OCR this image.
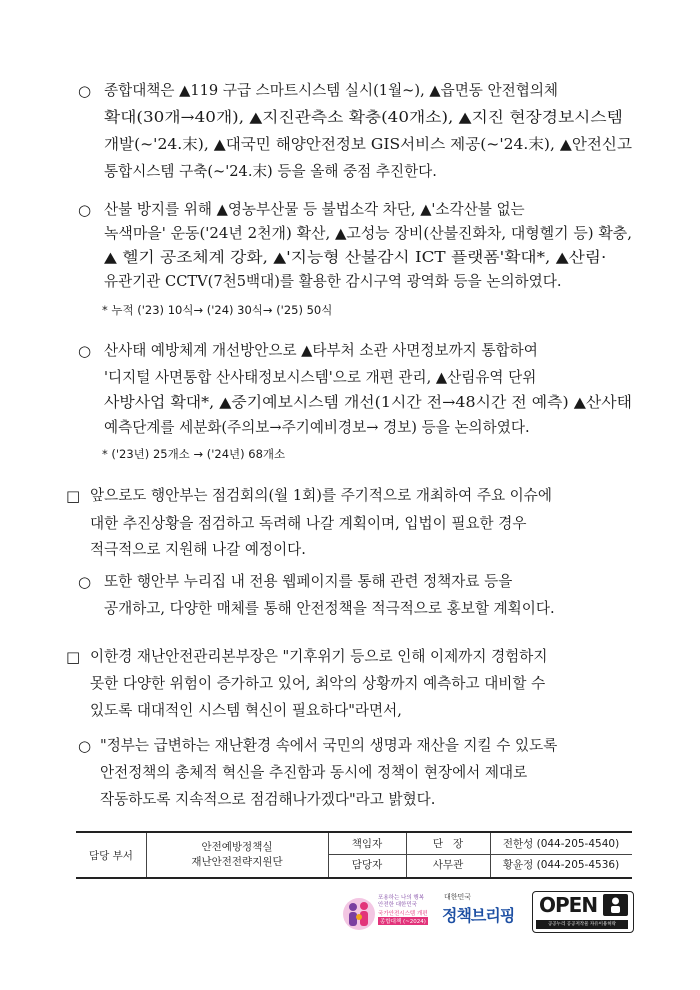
○ 종합대책은 ▲119 구급 스마트시스템 실시(1월~), ▲읍면동 안전협의체
확대(30개→40개), ▲지진관측소 확충(40개소), ▲지진 현장경보시스템
개발(~'24.末), ▲대국민 해양안전정보 GIS서비스 제공(~'24.末), ▲안전신고
통합시스템 구축(~'24.末) 등을 올해 중점 추진한다.
○ 산불 방지를 위해 ▲영농부산물 등 불법소각 차단, ▲'소각산불 없는
녹색마을' 운동('24년 2천개) 확산, ▲고성능 장비(산불진화차, 대형헬기 등) 확충,
▲ 헬기 공조체계 강화, ▲'지능형 산불감시 ICT 플랫폼'확대*, ▲산림·
유관기관 CCTV(7천5백대)를 활용한 감시구역 광역화 등을 논의하였다.
* 누적 ('23) 10식→ ('24) 30식→ ('25) 50식
○ 산사태 예방체계 개선방안으로 ▲타부처 소관 사면정보까지 통합하여
'디지털 사면통합 산사태정보시스템'으로 개편 관리, ▲산림유역 단위
사방사업 확대*, ▲중기예보시스템 개선(1시간 전→48시간 전 예측) ▲산사태
예측단계를 세분화(주의보→주기예비경보→ 경보) 등을 논의하였다.
* ('23년) 25개소 → ('24년) 68개소
□ 앞으로도 행안부는 점검회의(월 1회)를 주기적으로 개최하여 주요 이슈에
대한 추진상황을 점검하고 독려해 나갈 계획이며, 입법이 필요한 경우
적극적으로 지원해 나갈 예정이다.
○ 또한 행안부 누리집 내 전용 웹페이지를 통해 관련 정책자료 등을
공개하고, 다양한 매체를 통해 안전정책을 적극적으로 홍보할 계획이다.
□ 이한경 재난안전관리본부장은 "기후위기 등으로 인해 이제까지 경험하지
못한 다양한 위험이 증가하고 있어, 최악의 상황까지 예측하고 대비할 수
있도록 대대적인 시스템 혁신이 필요하다"라면서,
○ "정부는 급변하는 재난환경 속에서 국민의 생명과 재산을 지킬 수 있도록
안전정책의 총체적 혁신을 추진함과 동시에 정책이 현장에서 제대로
작동하도록 지속적으로 점검해나가겠다"라고 밝혔다.
담당 부서
안전예방정책실
재난안전전략지원단
책임자	단   장	전한성 (044-205-4540)
담당자	사무관	황윤정 (044-205-4536)
포용하는 나의 행복
안전한 대한민국
국가안전시스템 개편
종합대책 (~2024)
대한민국
정책브리핑 OPEN
공공누리 공공저작물 자유이용허락
